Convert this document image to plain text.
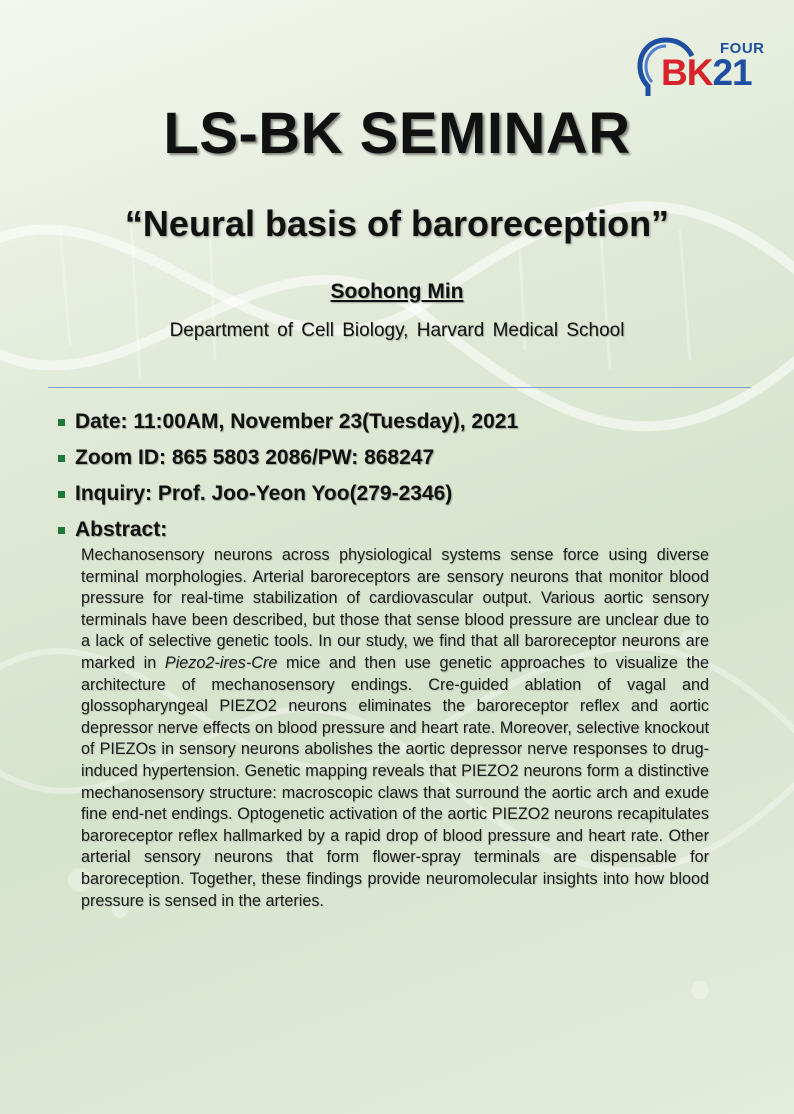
FOUR
BK21
LS-BK SEMINAR
“Neural basis of baroreception”
Soohong Min
Department of Cell Biology, Harvard Medical School
Date: 11:00AM, November 23(Tuesday), 2021
Zoom ID: 865 5803 2086/PW: 868247
Inquiry: Prof. Joo-Yeon Yoo(279-2346)
Abstract:

Mechanosensory neurons across physiological systems sense force using diverse terminal morphologies. Arterial baroreceptors are sensory neurons that monitor blood pressure for real-time stabilization of cardiovascular output. Various aortic sensory terminals have been described, but those that sense blood pressure are unclear due to a lack of selective genetic tools. In our study, we find that all baroreceptor neurons are marked in Piezo2-ires-Cre mice and then use genetic approaches to visualize the architecture of mechanosensory endings. Cre-guided ablation of vagal and glossopharyngeal PIEZO2 neurons eliminates the baroreceptor reflex and aortic depressor nerve effects on blood pressure and heart rate. Moreover, selective knockout of PIEZOs in sensory neurons abolishes the aortic depressor nerve responses to drug-induced hypertension. Genetic mapping reveals that PIEZO2 neurons form a distinctive mechanosensory structure: macroscopic claws that surround the aortic arch and exude fine end-net endings. Optogenetic activation of the aortic PIEZO2 neurons recapitulates baroreceptor reflex hallmarked by a rapid drop of blood pressure and heart rate. Other arterial sensory neurons that form flower-spray terminals are dispensable for baroreception. Together, these findings provide neuromolecular insights into how blood pressure is sensed in the arteries.
